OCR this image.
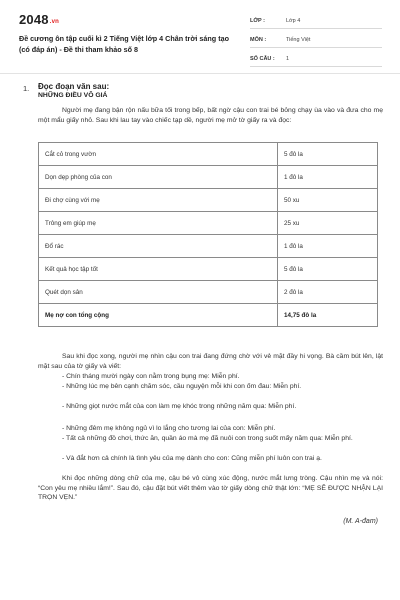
2048.vn
Đề cương ôn tập cuối kì 2 Tiếng Việt lớp 4 Chân trời sáng tạo (có đáp án) - Đề thi tham khảo số 8
LỚP :	Lớp 4
MÔN :	Tiếng Việt
SỐ CÂU :	1
1. Đọc đoạn văn sau:
NHỮNG ĐIỀU VÔ GIÁ
Người mẹ đang bận rộn nấu bữa tối trong bếp, bất ngờ cậu con trai bé bỏng chạy ùa vào và đưa cho mẹ một mẩu giấy nhỏ. Sau khi lau tay vào chiếc tạp dề, người mẹ mở tờ giấy ra và đọc:
Cắt cỏ trong vườn	5 đô la
Dọn dẹp phòng của con	1 đô la
Đi chợ cùng với mẹ	50 xu
Trông em giúp mẹ	25 xu
Đổ rác	1 đô la
Kết quả học tập tốt	5 đô la
Quét dọn sân	2 đô la
Mẹ nợ con tổng cộng	14,75 đô la
Sau khi đọc xong, người mẹ nhìn cậu con trai đang đứng chờ với vẻ mặt đầy hi vọng. Bà cầm bút lên, lật mặt sau của tờ giấy và viết:
- Chín tháng mười ngày con nằm trong bụng mẹ: Miễn phí.
- Những lúc mẹ bên cạnh chăm sóc, cầu nguyện mỗi khi con ốm đau: Miễn phí.
- Những giọt nước mắt của con làm mẹ khóc trong những năm qua: Miễn phí.
- Những đêm mẹ không ngủ vì lo lắng cho tương lai của con: Miễn phí.
- Tất cả những đồ chơi, thức ăn, quần áo mà mẹ đã nuôi con trong suốt mấy năm qua: Miễn phí.
- Và đắt hơn cả chính là tình yêu của mẹ dành cho con: Cũng miễn phí luôn con trai ạ.
Khi đọc những dòng chữ của mẹ, cậu bé vô cùng xúc động, nước mắt lưng tròng. Cậu nhìn mẹ và nói: “Con yêu mẹ nhiều lắm!”. Sau đó, cậu đặt bút viết thêm vào tờ giấy dòng chữ thật lớn: “MẸ SẼ ĐƯỢC NHẬN LẠI TRỌN VẸN.”
(M. A-đam)
